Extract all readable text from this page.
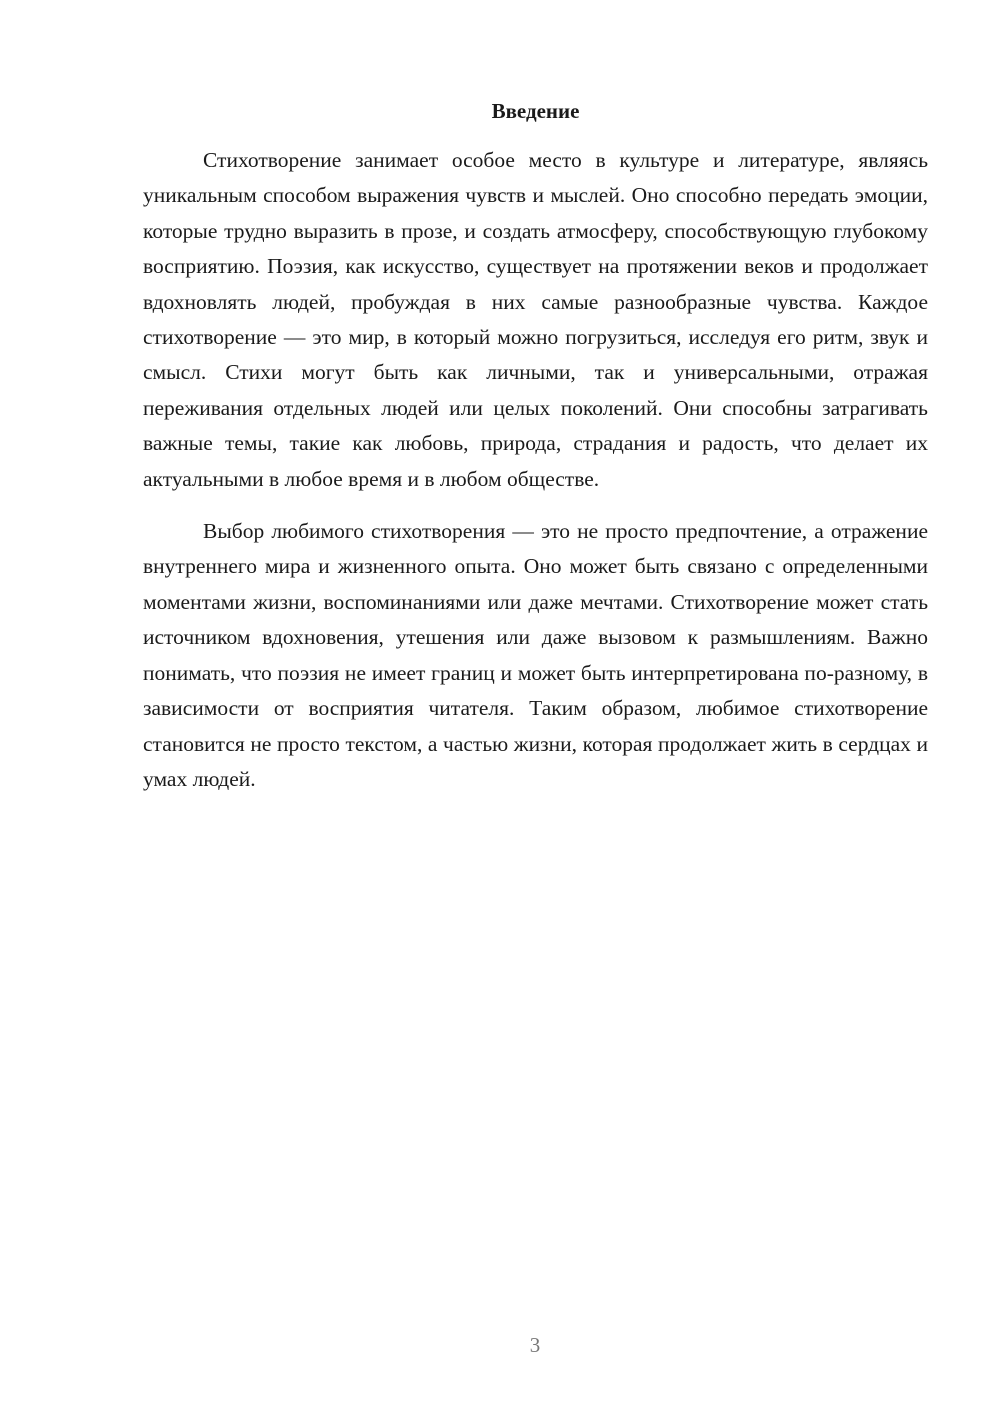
Введение

Стихотворение занимает особое место в культуре и литературе, являясь уникальным способом выражения чувств и мыслей. Оно способно передать эмоции, которые трудно выразить в прозе, и создать атмосферу, способствующую глубокому восприятию. Поэзия, как искусство, существует на протяжении веков и продолжает вдохновлять людей, пробуждая в них самые разнообразные чувства. Каждое стихотворение — это мир, в который можно погрузиться, исследуя его ритм, звук и смысл. Стихи могут быть как личными, так и универсальными, отражая переживания отдельных людей или целых поколений. Они способны затрагивать важные темы, такие как любовь, природа, страдания и радость, что делает их актуальными в любое время и в любом обществе.

Выбор любимого стихотворения — это не просто предпочтение, а отражение внутреннего мира и жизненного опыта. Оно может быть связано с определенными моментами жизни, воспоминаниями или даже мечтами. Стихотворение может стать источником вдохновения, утешения или даже вызовом к размышлениям. Важно понимать, что поэзия не имеет границ и может быть интерпретирована по-разному, в зависимости от восприятия читателя. Таким образом, любимое стихотворение становится не просто текстом, а частью жизни, которая продолжает жить в сердцах и умах людей.

3
